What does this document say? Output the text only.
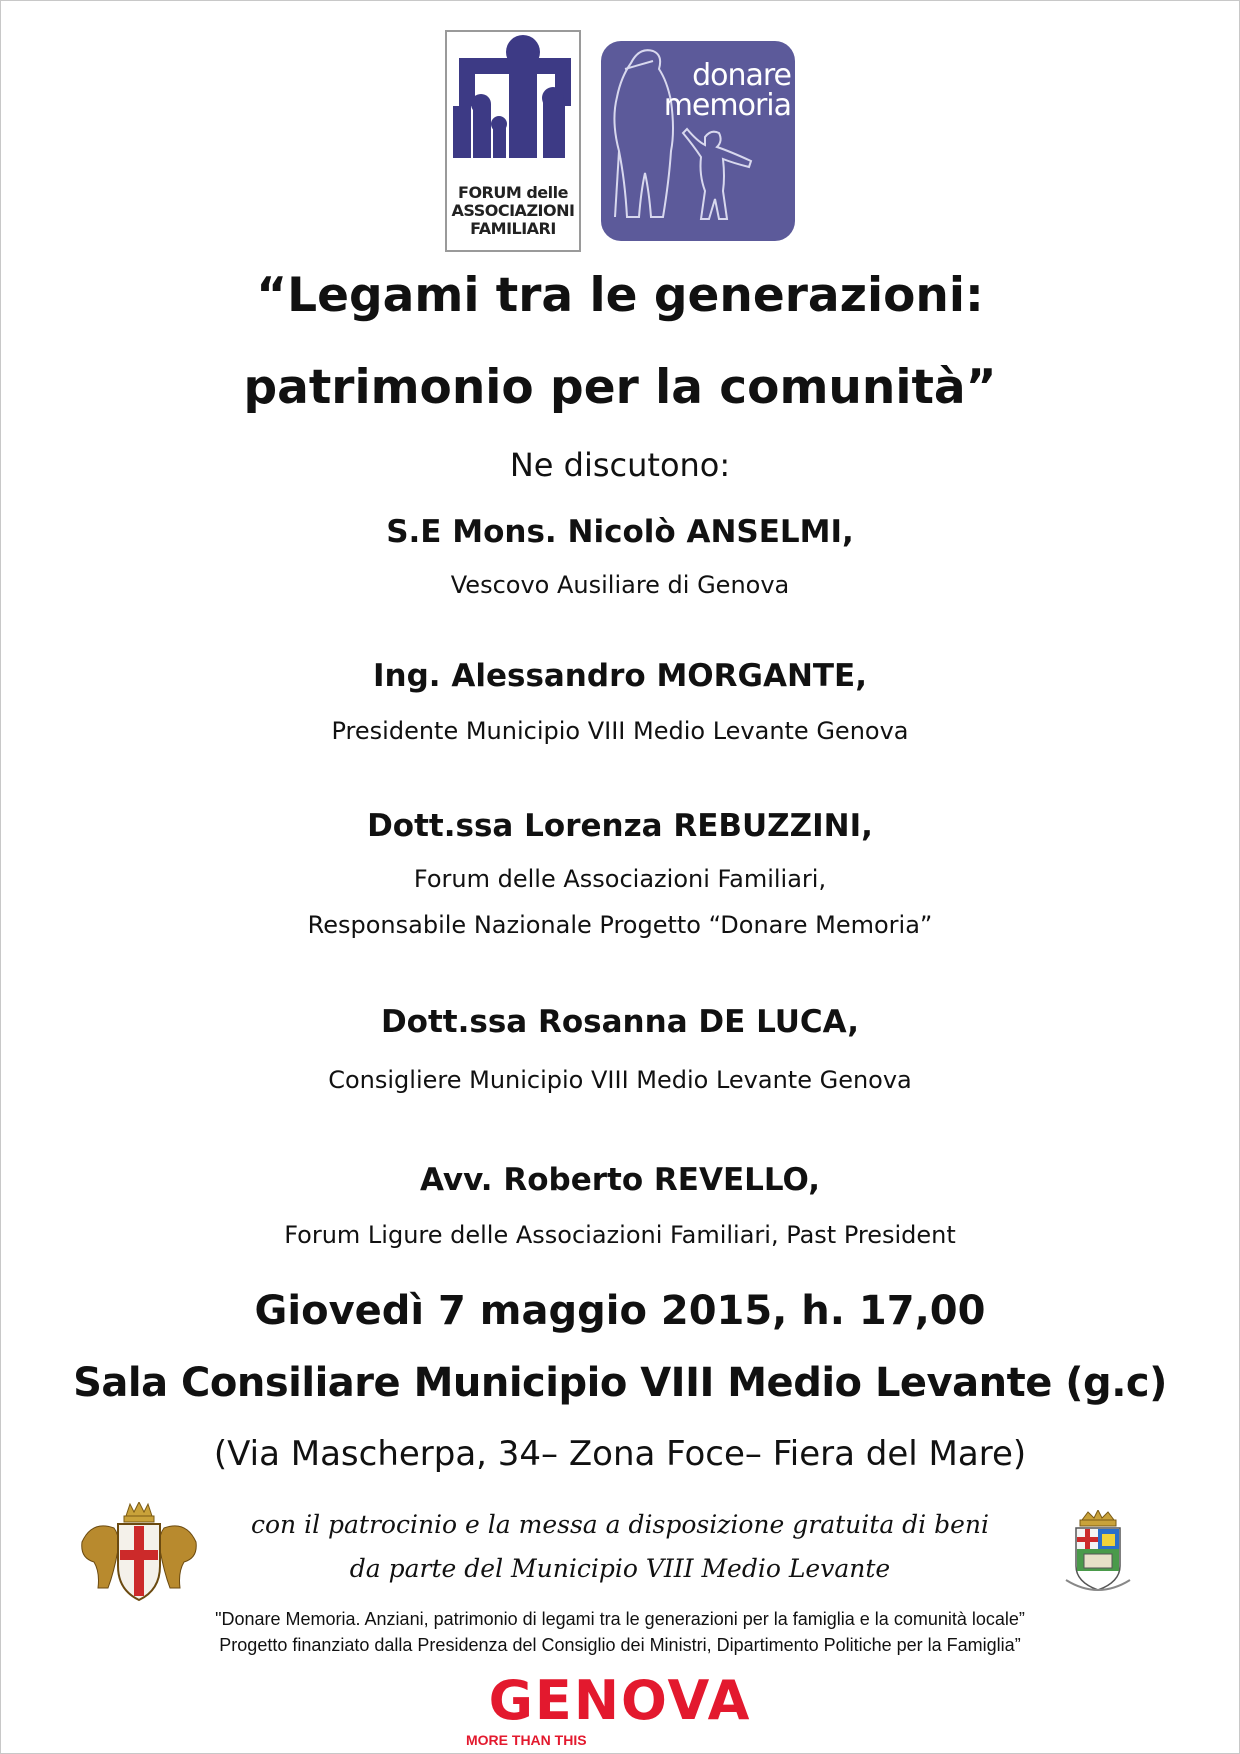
FORUM delle
ASSOCIAZIONI
FAMILIARI
donare
memoria
“Legami tra le generazioni:
patrimonio per la comunità”
Ne discutono:
S.E Mons. Nicolò ANSELMI,
Vescovo Ausiliare di Genova
Ing. Alessandro MORGANTE,
Presidente Municipio VIII Medio Levante Genova
Dott.ssa Lorenza REBUZZINI,
Forum delle Associazioni Familiari,
Responsabile Nazionale Progetto “Donare Memoria”
Dott.ssa Rosanna DE LUCA,
Consigliere Municipio VIII Medio Levante Genova
Avv. Roberto REVELLO,
Forum Ligure delle Associazioni Familiari, Past President
Giovedì 7 maggio 2015, h. 17,00
Sala Consiliare Municipio VIII Medio Levante (g.c)
(Via Mascherpa, 34– Zona Foce– Fiera del Mare)
con il patrocinio e la messa a disposizione gratuita di beni
da parte del Municipio VIII Medio Levante
"Donare Memoria. Anziani, patrimonio di legami tra le generazioni per la famiglia e la comunità locale”
Progetto finanziato dalla Presidenza del Consiglio dei Ministri, Dipartimento Politiche per la Famiglia”
GENOVA
MORE THAN THIS
